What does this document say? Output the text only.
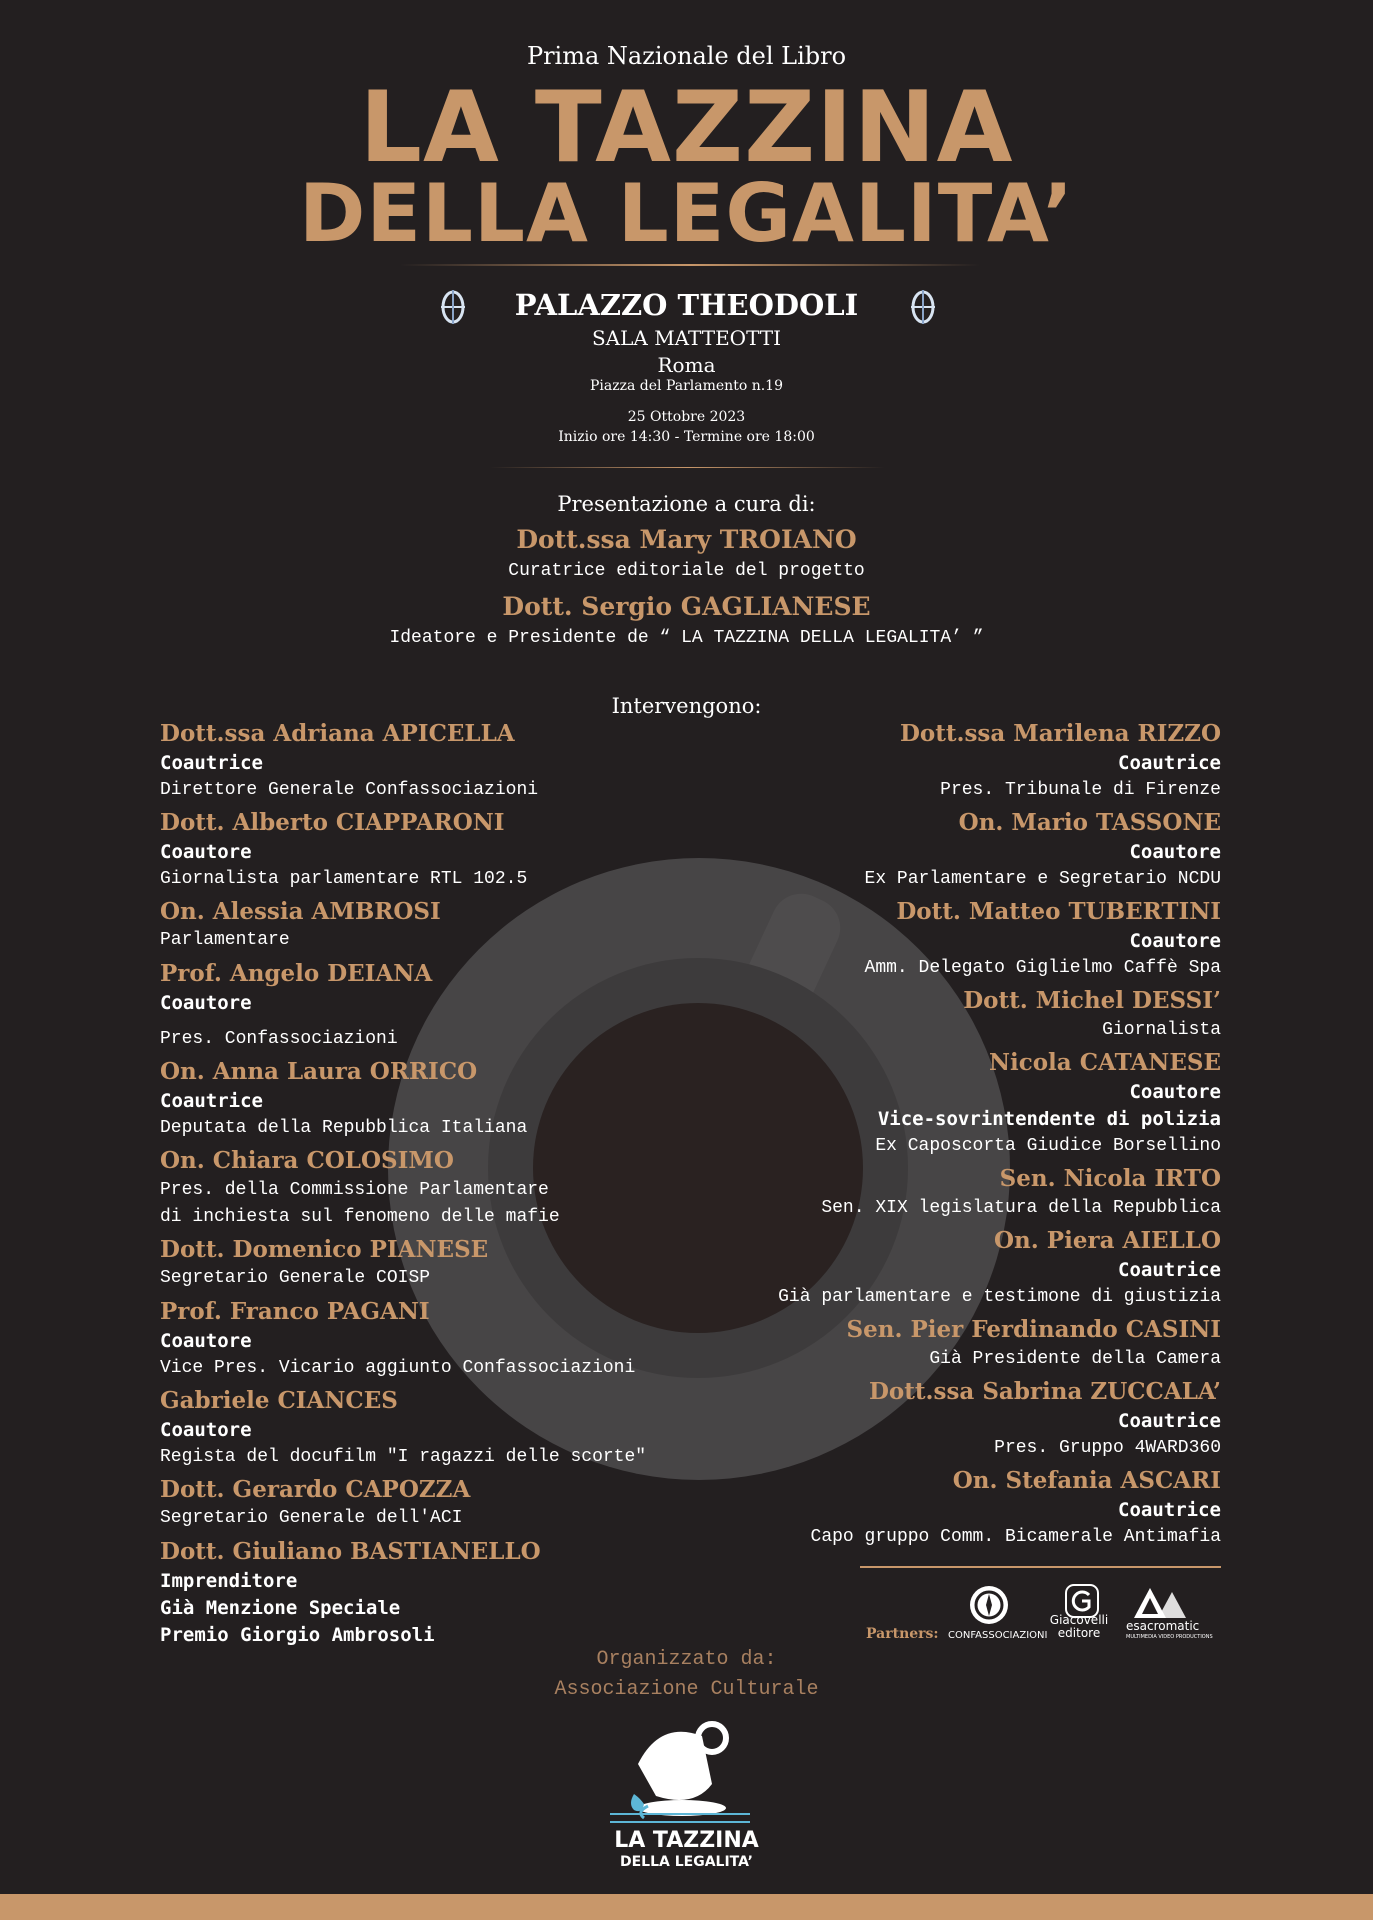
Prima Nazionale del Libro
LA TAZZINA
DELLA LEGALITA’
PALAZZO THEODOLI
SALA MATTEOTTI
Roma
Piazza del Parlamento n.19
25 Ottobre 2023
Inizio ore 14:30 - Termine ore 18:00
Presentazione a cura di:
Dott.ssa Mary TROIANO
Curatrice editoriale del progetto
Dott. Sergio GAGLIANESE
Ideatore e Presidente de “ LA TAZZINA DELLA LEGALITA’ ”
Intervengono:
Dott.ssa Adriana APICELLA
Coautrice
Direttore Generale Confassociazioni
Dott. Alberto CIAPPARONI
Coautore
Giornalista parlamentare RTL 102.5
On. Alessia AMBROSI
Parlamentare
Prof. Angelo DEIANA
Coautore
Pres. Confassociazioni
On. Anna Laura ORRICO
Coautrice
Deputata della Repubblica Italiana
On. Chiara COLOSIMO
Pres. della Commissione Parlamentare
di inchiesta sul fenomeno delle mafie
Dott. Domenico PIANESE
Segretario Generale COISP
Prof. Franco PAGANI
Coautore
Vice Pres. Vicario aggiunto Confassociazioni
Gabriele CIANCES
Coautore
Regista del docufilm "I ragazzi delle scorte"
Dott. Gerardo CAPOZZA
Segretario Generale dell'ACI
Dott. Giuliano BASTIANELLO
Imprenditore
Già Menzione Speciale
Premio Giorgio Ambrosoli
Dott.ssa Marilena RIZZO
Coautrice
Pres. Tribunale di Firenze
On. Mario TASSONE
Coautore
Ex Parlamentare e Segretario NCDU
Dott. Matteo TUBERTINI
Coautore
Amm. Delegato Giglielmo Caffè Spa
Dott. Michel DESSI’
Giornalista
Nicola CATANESE
Coautore
Vice-sovrintendente di polizia
Ex Caposcorta Giudice Borsellino
Sen. Nicola IRTO
Sen. XIX legislatura della Repubblica
On. Piera AIELLO
Coautrice
Già parlamentare e testimone di giustizia
Sen. Pier Ferdinando CASINI
Già Presidente della Camera
Dott.ssa Sabrina ZUCCALA’
Coautrice
Pres. Gruppo 4WARD360
On. Stefania ASCARI
Coautrice
Capo gruppo Comm. Bicamerale Antimafia
Partners: CONFASSOCIAZIONI
Giacovelli
editore	esacromatic
MULTIMEDIA VIDEO PRODUCTIONS
Organizzato da:
Associazione Culturale
LA TAZZINA
DELLA LEGALITA’
